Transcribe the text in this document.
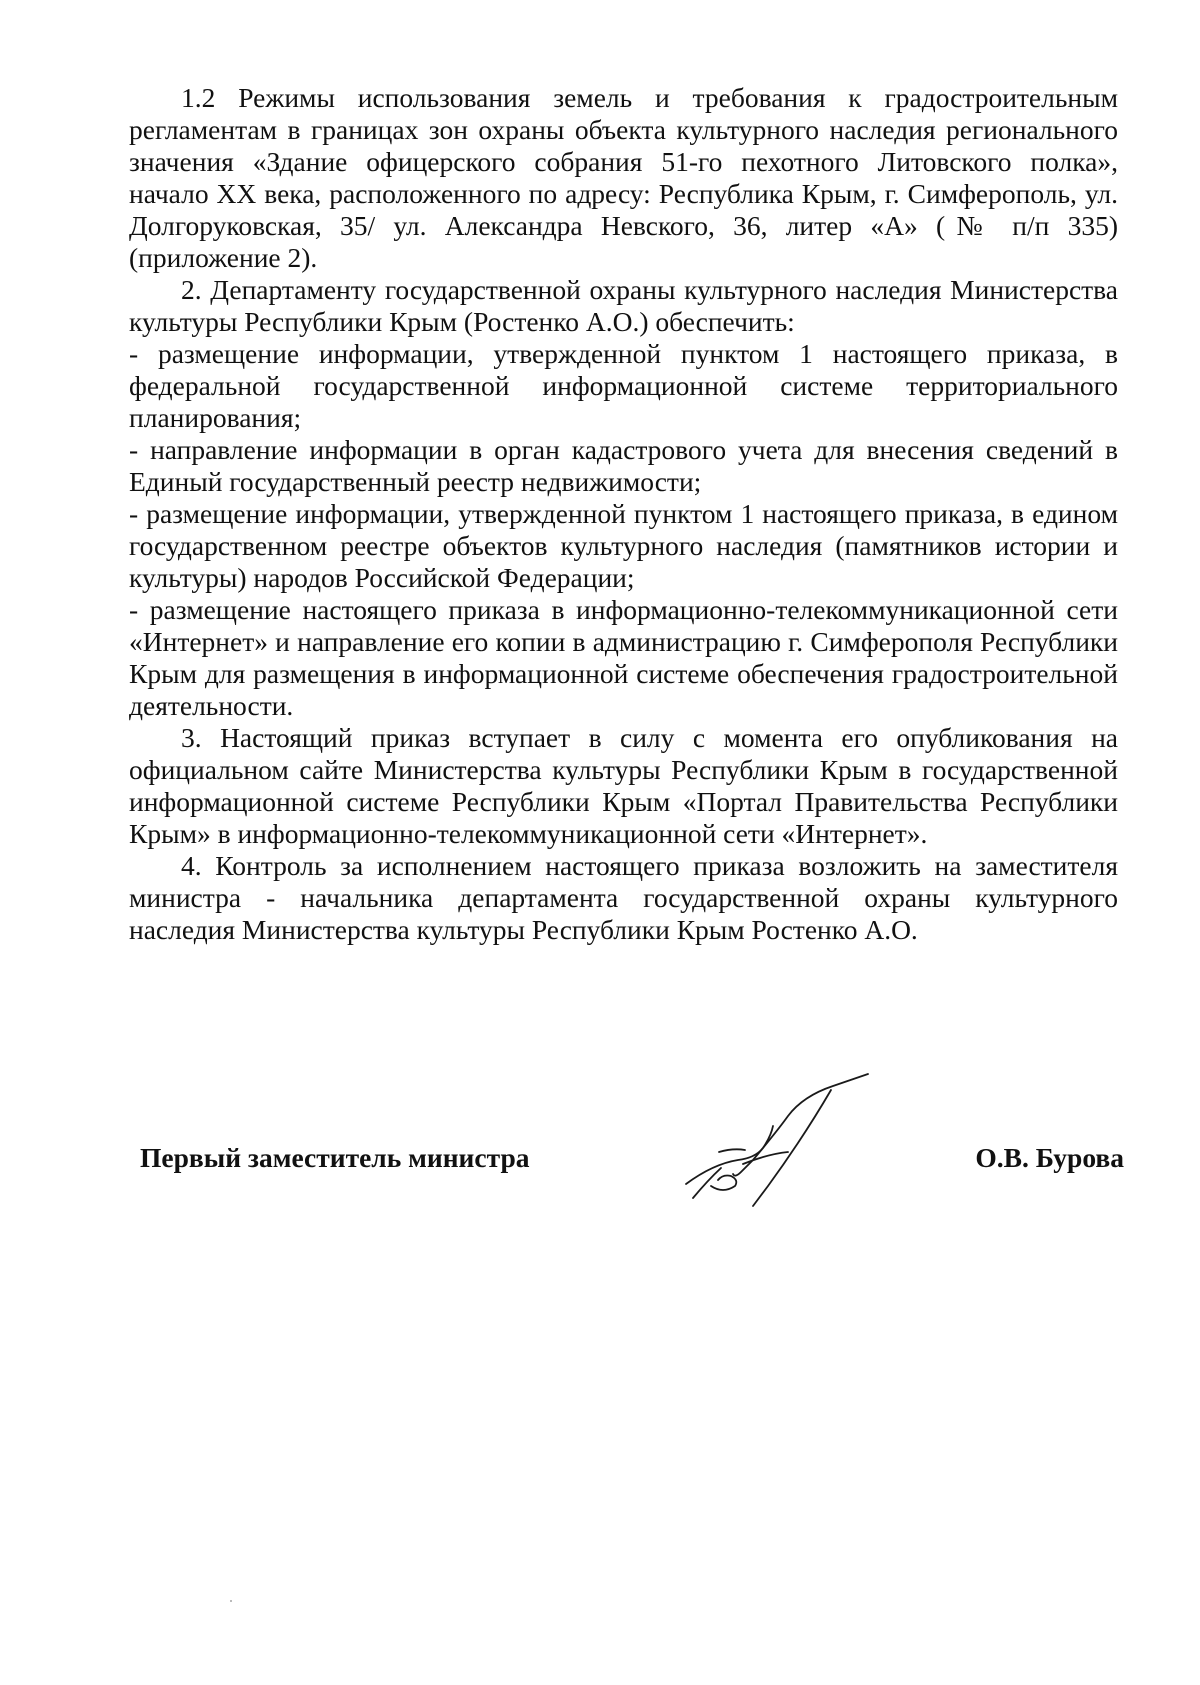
1.2 Режимы использования земель и требования к градостроительным регламентам в границах зон охраны объекта культурного наследия регионального значения «Здание офицерского собрания 51-го пехотного Литовского полка», начало XX века, расположенного по адресу: Республика Крым, г. Симферополь, ул. Долгоруковская, 35/ ул. Александра Невского, 36, литер «А» (№ п/п 335) (приложение 2).

2. Департаменту государственной охраны культурного наследия Министерства культуры Республики Крым (Ростенко А.О.) обеспечить:

- размещение информации, утвержденной пунктом 1 настоящего приказа, в федеральной государственной информационной системе территориального планирования;

- направление информации в орган кадастрового учета для внесения сведений в Единый государственный реестр недвижимости;

- размещение информации, утвержденной пунктом 1 настоящего приказа, в едином государственном реестре объектов культурного наследия (памятников истории и культуры) народов Российской Федерации;

- размещение настоящего приказа в информационно-телекоммуникационной сети «Интернет» и направление его копии в администрацию г. Симферополя Республики Крым для размещения в информационной системе обеспечения градостроительной деятельности.

3. Настоящий приказ вступает в силу с момента его опубликования на официальном сайте Министерства культуры Республики Крым в государственной информационной системе Республики Крым «Портал Правительства Республики Крым» в информационно-телекоммуникационной сети «Интернет».

4. Контроль за исполнением настоящего приказа возложить на заместителя министра - начальника департамента государственной охраны культурного наследия Министерства культуры Республики Крым Ростенко А.О.

Первый заместитель министра	О.В. Бурова
